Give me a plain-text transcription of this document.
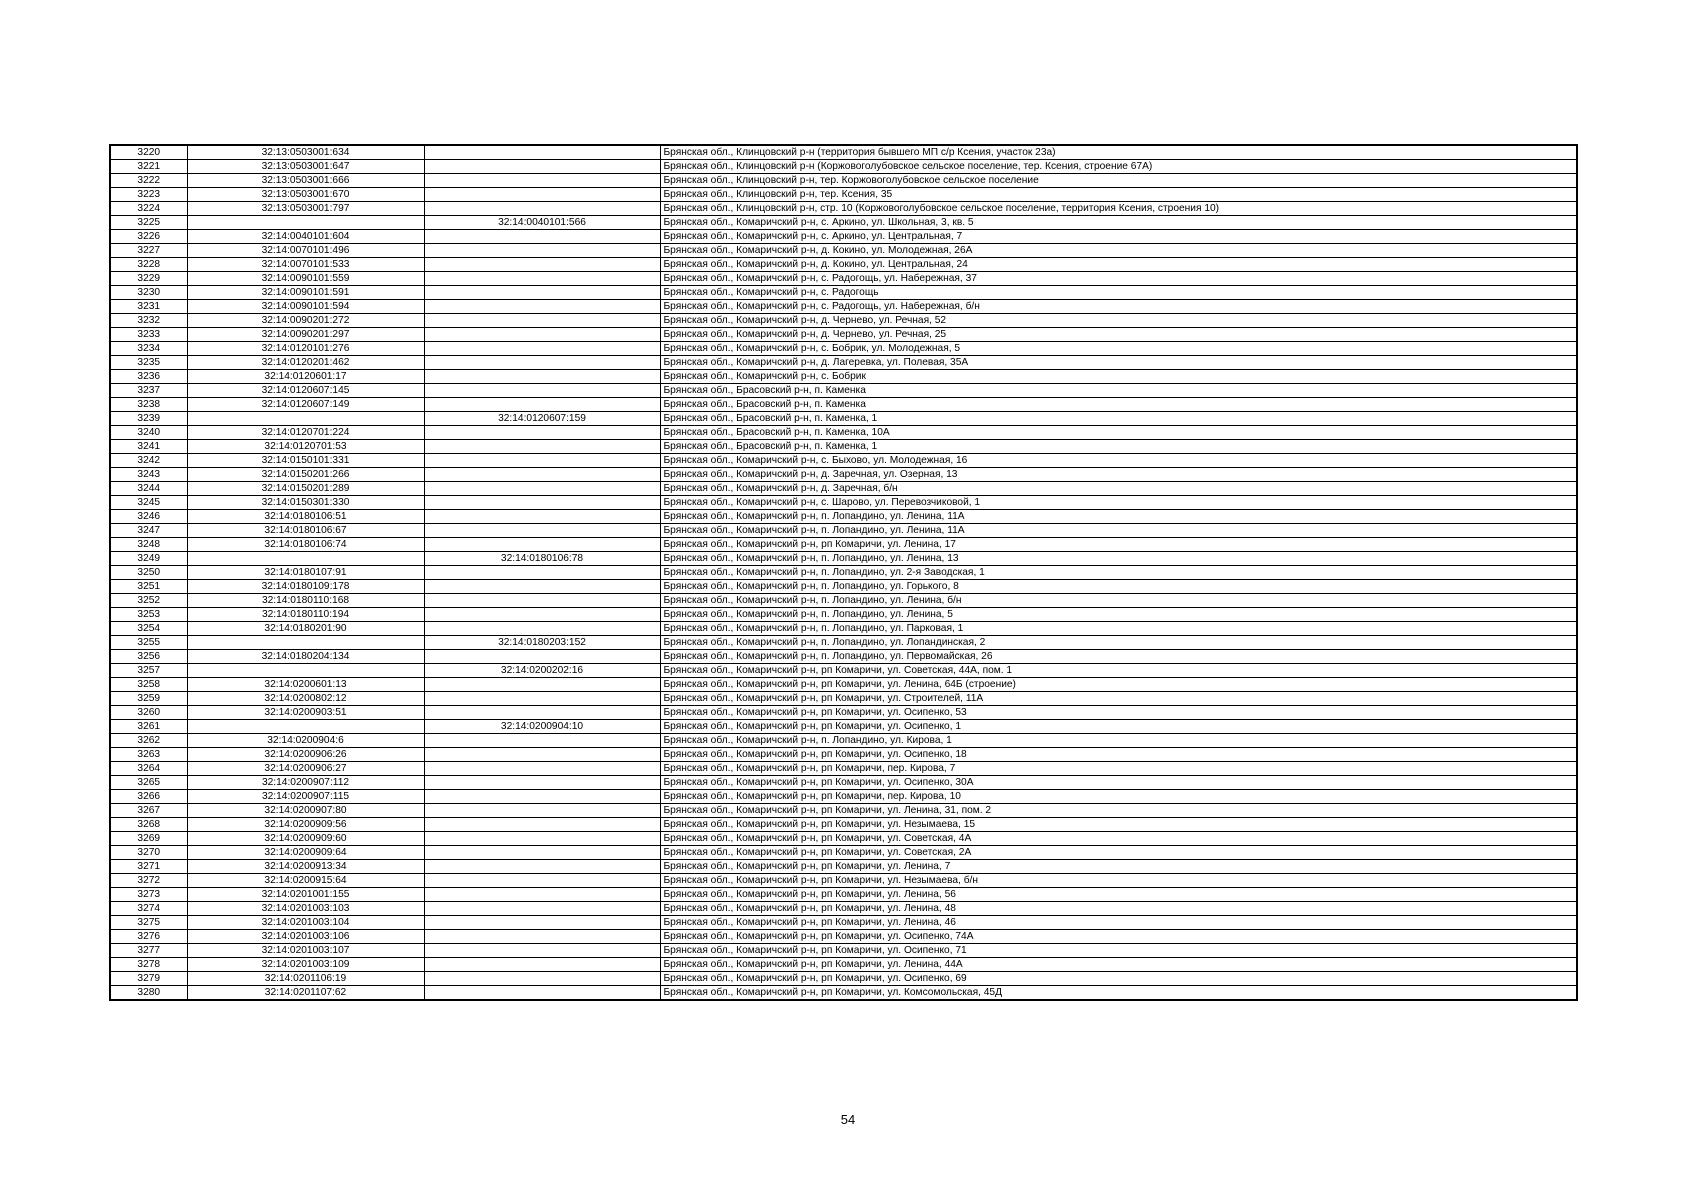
3220	32:13:0503001:634		Брянская обл., Клинцовский р-н (территория бывшего МП с/р Ксения, участок 23а)
3221	32:13:0503001:647		Брянская обл., Клинцовский р-н (Коржовоголубовское сельское поселение, тер. Ксения, строение 67А)
3222	32:13:0503001:666		Брянская обл., Клинцовский р-н, тер. Коржовоголубовское сельское поселение
3223	32:13:0503001:670		Брянская обл., Клинцовский р-н, тер. Ксения, 35
3224	32:13:0503001:797		Брянская обл., Клинцовский р-н, стр. 10 (Коржовоголубовское сельское поселение, территория Ксения, строения 10)
3225		32:14:0040101:566	Брянская обл., Комаричский р-н, с. Аркино, ул. Школьная, 3, кв. 5
3226	32:14:0040101:604		Брянская обл., Комаричский р-н, с. Аркино, ул. Центральная, 7
3227	32:14:0070101:496		Брянская обл., Комаричский р-н, д. Кокино, ул. Молодежная, 26А
3228	32:14:0070101:533		Брянская обл., Комаричский р-н, д. Кокино, ул. Центральная, 24
3229	32:14:0090101:559		Брянская обл., Комаричский р-н, с. Радогощь, ул. Набережная, 37
3230	32:14:0090101:591		Брянская обл., Комаричский р-н, с. Радогощь
3231	32:14:0090101:594		Брянская обл., Комаричский р-н, с. Радогощь, ул. Набережная, б/н
3232	32:14:0090201:272		Брянская обл., Комаричский р-н, д. Чернево, ул. Речная, 52
3233	32:14:0090201:297		Брянская обл., Комаричский р-н, д. Чернево, ул. Речная, 25
3234	32:14:0120101:276		Брянская обл., Комаричский р-н, с. Бобрик, ул. Молодежная, 5
3235	32:14:0120201:462		Брянская обл., Комаричский р-н, д. Лагеревка, ул. Полевая, 35А
3236	32:14:0120601:17		Брянская обл., Комаричский р-н, с. Бобрик
3237	32:14:0120607:145		Брянская обл., Брасовский р-н, п. Каменка
3238	32:14:0120607:149		Брянская обл., Брасовский р-н, п. Каменка
3239		32:14:0120607:159	Брянская обл., Брасовский р-н, п. Каменка, 1
3240	32:14:0120701:224		Брянская обл., Брасовский р-н, п. Каменка, 10А
3241	32:14:0120701:53		Брянская обл., Брасовский р-н, п. Каменка, 1
3242	32:14:0150101:331		Брянская обл., Комаричский р-н, с. Быхово, ул. Молодежная, 16
3243	32:14:0150201:266		Брянская обл., Комаричский р-н, д. Заречная, ул. Озерная, 13
3244	32:14:0150201:289		Брянская обл., Комаричский р-н, д. Заречная, б/н
3245	32:14:0150301:330		Брянская обл., Комаричский р-н, с. Шарово, ул. Перевозчиковой, 1
3246	32:14:0180106:51		Брянская обл., Комаричский р-н, п. Лопандино, ул. Ленина, 11А
3247	32:14:0180106:67		Брянская обл., Комаричский р-н, п. Лопандино, ул. Ленина, 11А
3248	32:14:0180106:74		Брянская обл., Комаричский р-н, рп Комаричи, ул. Ленина, 17
3249		32:14:0180106:78	Брянская обл., Комаричский р-н, п. Лопандино, ул. Ленина, 13
3250	32:14:0180107:91		Брянская обл., Комаричский р-н, п. Лопандино, ул. 2-я Заводская, 1
3251	32:14:0180109:178		Брянская обл., Комаричский р-н, п. Лопандино, ул. Горького, 8
3252	32:14:0180110:168		Брянская обл., Комаричский р-н, п. Лопандино, ул. Ленина, б/н
3253	32:14:0180110:194		Брянская обл., Комаричский р-н, п. Лопандино, ул. Ленина, 5
3254	32:14:0180201:90		Брянская обл., Комаричский р-н, п. Лопандино, ул. Парковая, 1
3255		32:14:0180203:152	Брянская обл., Комаричский р-н, п. Лопандино, ул. Лопандинская, 2
3256	32:14:0180204:134		Брянская обл., Комаричский р-н, п. Лопандино, ул. Первомайская, 26
3257		32:14:0200202:16	Брянская обл., Комаричский р-н, рп Комаричи, ул. Советская, 44А, пом. 1
3258	32:14:0200601:13		Брянская обл., Комаричский р-н, рп Комаричи, ул. Ленина, 64Б (строение)
3259	32:14:0200802:12		Брянская обл., Комаричский р-н, рп Комаричи, ул. Строителей, 11А
3260	32:14:0200903:51		Брянская обл., Комаричский р-н, рп Комаричи, ул. Осипенко, 53
3261		32:14:0200904:10	Брянская обл., Комаричский р-н, рп Комаричи, ул. Осипенко, 1
3262	32:14:0200904:6		Брянская обл., Комаричский р-н, п. Лопандино, ул. Кирова, 1
3263	32:14:0200906:26		Брянская обл., Комаричский р-н, рп Комаричи, ул. Осипенко, 18
3264	32:14:0200906:27		Брянская обл., Комаричский р-н, рп Комаричи, пер. Кирова, 7
3265	32:14:0200907:112		Брянская обл., Комаричский р-н, рп Комаричи, ул. Осипенко, 30А
3266	32:14:0200907:115		Брянская обл., Комаричский р-н, рп Комаричи, пер. Кирова, 10
3267	32:14:0200907:80		Брянская обл., Комаричский р-н, рп Комаричи, ул. Ленина, 31, пом. 2
3268	32:14:0200909:56		Брянская обл., Комаричский р-н, рп Комаричи, ул. Незымаева, 15
3269	32:14:0200909:60		Брянская обл., Комаричский р-н, рп Комаричи, ул. Советская, 4А
3270	32:14:0200909:64		Брянская обл., Комаричский р-н, рп Комаричи, ул. Советская, 2А
3271	32:14:0200913:34		Брянская обл., Комаричский р-н, рп Комаричи, ул. Ленина, 7
3272	32:14:0200915:64		Брянская обл., Комаричский р-н, рп Комаричи, ул. Незымаева, б/н
3273	32:14:0201001:155		Брянская обл., Комаричский р-н, рп Комаричи, ул. Ленина, 56
3274	32:14:0201003:103		Брянская обл., Комаричский р-н, рп Комаричи, ул. Ленина, 48
3275	32:14:0201003:104		Брянская обл., Комаричский р-н, рп Комаричи, ул. Ленина, 46
3276	32:14:0201003:106		Брянская обл., Комаричский р-н, рп Комаричи, ул. Осипенко, 74А
3277	32:14:0201003:107		Брянская обл., Комаричский р-н, рп Комаричи, ул. Осипенко, 71
3278	32:14:0201003:109		Брянская обл., Комаричский р-н, рп Комаричи, ул. Ленина, 44А
3279	32:14:0201106:19		Брянская обл., Комаричский р-н, рп Комаричи, ул. Осипенко, 69
3280	32:14:0201107:62		Брянская обл., Комаричский р-н, рп Комаричи, ул. Комсомольская, 45Д
54
